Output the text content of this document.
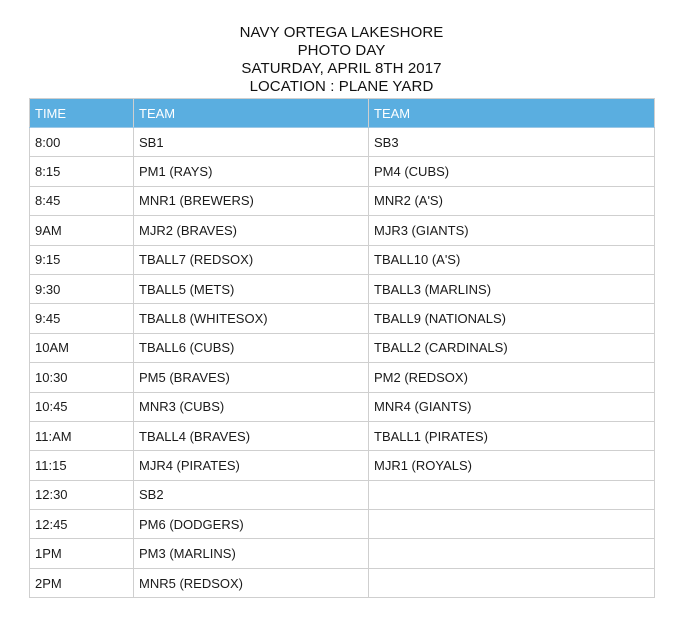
NAVY ORTEGA LAKESHORE
PHOTO DAY
SATURDAY, APRIL 8TH 2017
LOCATION : PLANE YARD
TIME	TEAM	TEAM
8:00	SB1	SB3
8:15	PM1 (RAYS)	PM4 (CUBS)
8:45	MNR1 (BREWERS)	MNR2 (A'S)
9AM	MJR2 (BRAVES)	MJR3 (GIANTS)
9:15	TBALL7 (REDSOX)	TBALL10 (A'S)
9:30	TBALL5 (METS)	TBALL3 (MARLINS)
9:45	TBALL8 (WHITESOX)	TBALL9 (NATIONALS)
10AM	TBALL6 (CUBS)	TBALL2 (CARDINALS)
10:30	PM5 (BRAVES)	PM2 (REDSOX)
10:45	MNR3 (CUBS)	MNR4 (GIANTS)
11:AM	TBALL4 (BRAVES)	TBALL1 (PIRATES)
11:15	MJR4 (PIRATES)	MJR1 (ROYALS)
12:30	SB2	
12:45	PM6 (DODGERS)	
1PM	PM3 (MARLINS)	
2PM	MNR5 (REDSOX)	
